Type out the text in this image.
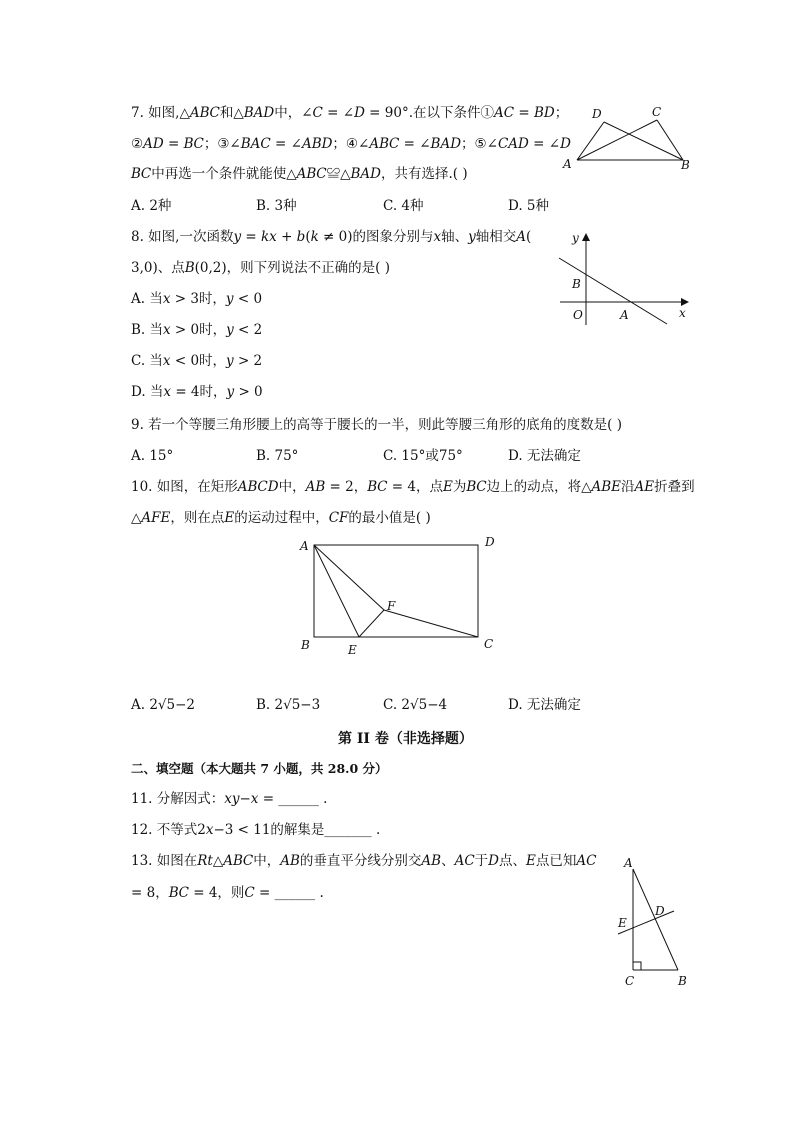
7. 如图,△𝐴𝐵𝐶和△𝐵𝐴𝐷中，∠𝐶 = ∠𝐷 = 90°.在以下条件①𝐴𝐶 = 𝐵𝐷；
②𝐴𝐷 = 𝐵𝐶；③∠𝐵𝐴𝐶 = ∠𝐴𝐵𝐷；④∠𝐴𝐵𝐶 = ∠𝐵𝐴𝐷；⑤∠𝐶𝐴𝐷 = ∠𝐷
𝐵𝐶中再选一个条件就能使△𝐴𝐵𝐶≌△𝐵𝐴𝐷，共有选择.( )
A. 2种	B. 3种	C. 4种	D. 5种
D	C
A	B
8. 如图,一次函数𝑦 = 𝑘𝑥 + 𝑏(𝑘 ≠ 0)的图象分别与𝑥轴、𝑦轴相交𝐴(
3,0)、点𝐵(0,2)，则下列说法不正确的是( )
A. 当𝑥 > 3时，𝑦 < 0
B. 当𝑥 > 0时，𝑦 < 2
C. 当𝑥 < 0时，𝑦 > 2
D. 当𝑥 = 4时，𝑦 > 0
y
x
B
O	A
9. 若一个等腰三角形腰上的高等于腰长的一半，则此等腰三角形的底角的度数是( )
A. 15°	B. 75°	C. 15°或75°	D. 无法确定
10. 如图，在矩形𝐴𝐵𝐶𝐷中，𝐴𝐵 = 2，𝐵𝐶 = 4，点𝐸为𝐵𝐶边上的动点，将△𝐴𝐵𝐸沿𝐴𝐸折叠到
△𝐴𝐹𝐸，则在点𝐸的运动过程中，𝐶𝐹的最小值是( )
A	D
F
B	E	C
A. 2√5−2	B. 2√5−3	C. 2√5−4	D. 无法确定
第 II 卷（非选择题）
二、填空题（本大题共 7 小题，共 28.0 分）
11. 分解因式：𝑥𝑦−𝑥 = ______ .
12. 不等式2𝑥−3 < 11的解集是_______ .
13. 如图在𝑅𝑡△𝐴𝐵𝐶中，𝐴𝐵的垂直平分线分别交𝐴𝐵、𝐴𝐶于𝐷点、𝐸点已知𝐴𝐶
= 8，𝐵𝐶 = 4，则𝐶 = ______ .
A
E
D
C	B
